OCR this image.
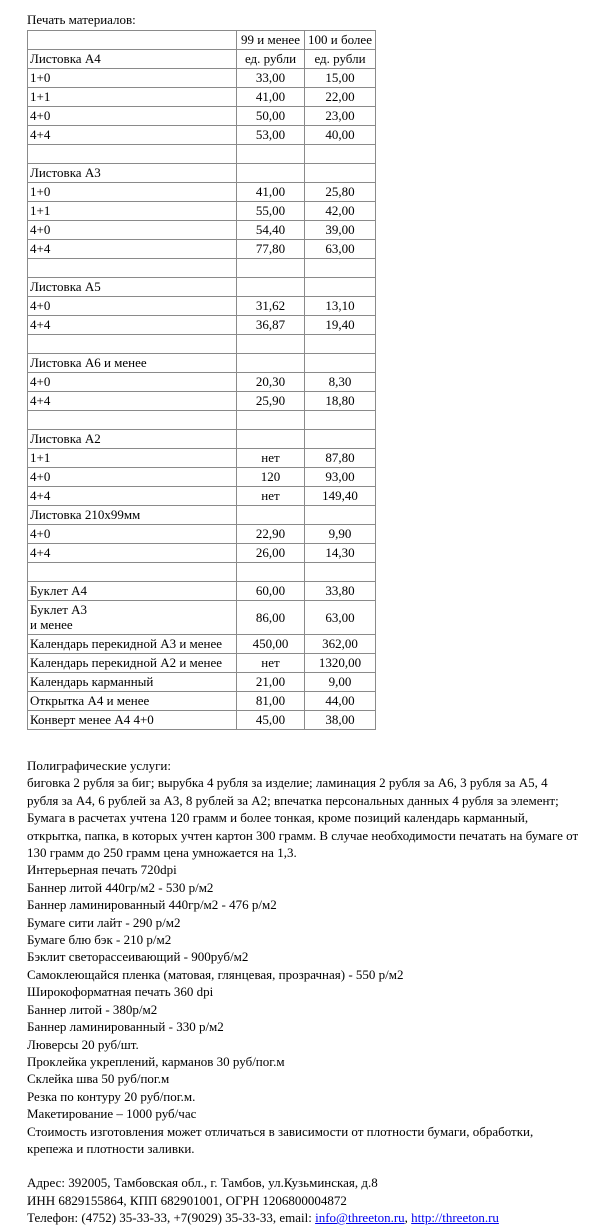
Печать материалов:
	99 и менее	100 и более
Листовка А4	ед. рубли	ед. рубли
1+0	33,00	15,00
1+1	41,00	22,00
4+0	50,00	23,00
4+4	53,00	40,00

Листовка А3		
1+0	41,00	25,80
1+1	55,00	42,00
4+0	54,40	39,00
4+4	77,80	63,00

Листовка А5		
4+0	31,62	13,10
4+4	36,87	19,40

Листовка А6 и менее		
4+0	20,30	8,30
4+4	25,90	18,80

Листовка А2		
1+1	нет	87,80
4+0	120	93,00
4+4	нет	149,40
Листовка 210х99мм		
4+0	22,90	9,90
4+4	26,00	14,30

Буклет А4	60,00	33,80
Буклет А3
и менее	86,00	63,00
Календарь перекидной А3 и менее	450,00	362,00
Календарь перекидной А2 и менее	нет	1320,00
Календарь карманный	21,00	9,00
Открытка А4 и менее	81,00	44,00
Конверт менее А4 4+0	45,00	38,00

Полиграфические услуги:

биговка 2 рубля за биг; вырубка 4 рубля за изделие; ламинация 2 рубля за А6, 3 рубля за А5, 4 рубля за А4, 6 рублей за А3, 8 рублей за А2; впечатка персональных данных 4 рубля за элемент;

Бумага в расчетах учтена 120 грамм и более тонкая, кроме позиций календарь карманный, открытка, папка, в которых учтен картон 300 грамм. В случае необходимости печатать на бумаге от 130 грамм до 250 грамм цена умножается на 1,3.

Интерьерная печать 720dpi

Баннер литой 440гр/м2 - 530 р/м2

Баннер ламинированный 440гр/м2 - 476 р/м2

Бумаге сити лайт - 290 р/м2

Бумаге блю бэк - 210 р/м2

Бэклит светорассеивающий - 900руб/м2

Самоклеющайся пленка (матовая, глянцевая, прозрачная) - 550 р/м2

Широкоформатная печать 360 dpi

Баннер литой - 380р/м2

Баннер ламинированный - 330 р/м2

Люверсы 20 руб/шт.

Проклейка укреплений, карманов 30 руб/пог.м

Склейка шва 50 руб/пог.м

Резка по контуру 20 руб/пог.м.

Макетирование – 1000 руб/час

Стоимость изготовления может отличаться в зависимости от плотности бумаги, обработки, крепежа и плотности заливки.

Адрес: 392005, Тамбовская обл., г. Тамбов, ул.Кузьминская, д.8

ИНН 6829155864, КПП 682901001, ОГРН 1206800004872

Телефон: (4752) 35-33-33, +7(9029) 35-33-33, email: info@threeton.ru, http://threeton.ru
